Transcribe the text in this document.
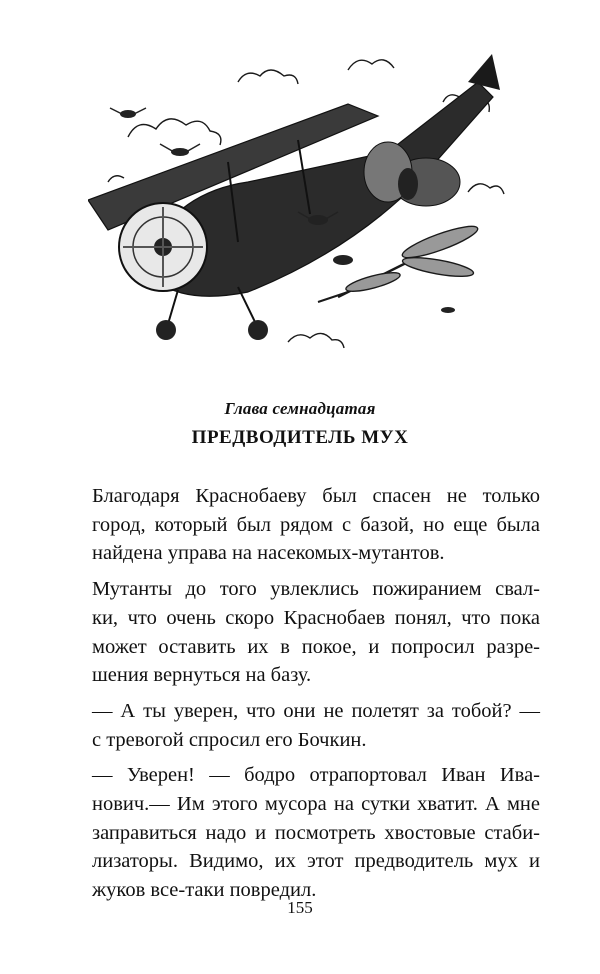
Глава семнадцатая
ПРЕДВОДИТЕЛЬ МУХ

Благодаря Краснобаеву был спасен не только
город, который был рядом с базой, но еще была
найдена управа на насекомых-мутантов.

Мутанты до того увлеклись пожиранием свал-
ки, что очень скоро Краснобаев понял, что пока
может оставить их в покое, и попросил разре-
шения вернуться на базу.

— А ты уверен, что они не полетят за тобой? —
с тревогой спросил его Бочкин.

— Уверен! — бодро отрапортовал Иван Ива-
нович.— Им этого мусора на сутки хватит. А мне
заправиться надо и посмотреть хвостовые стаби-
лизаторы. Видимо, их этот предводитель мух и
жуков все-таки повредил.

155
